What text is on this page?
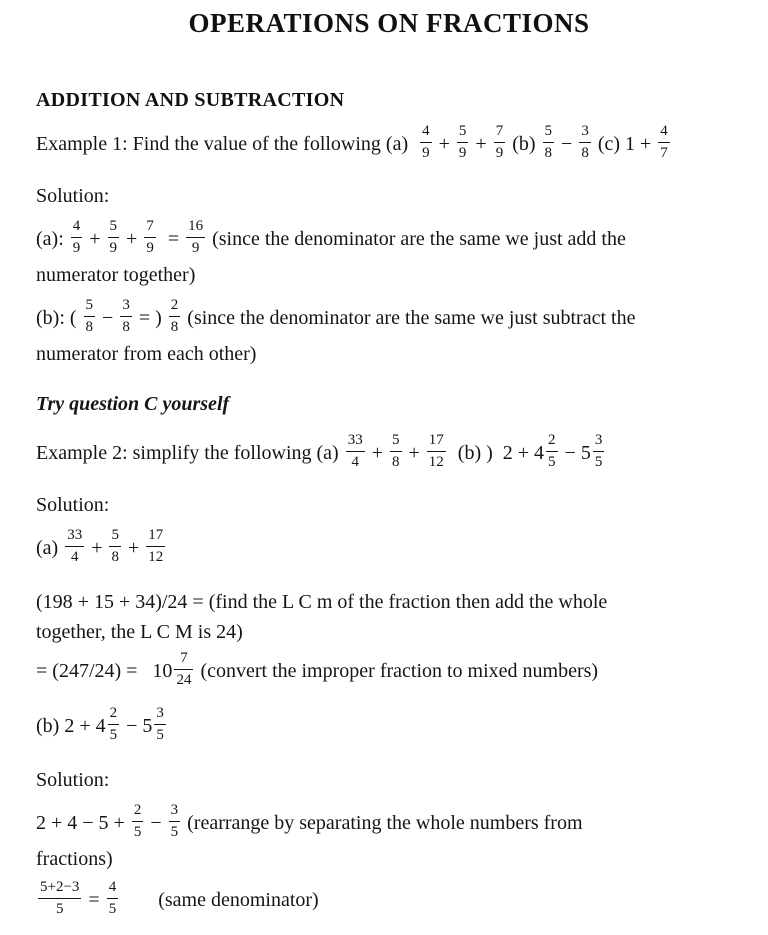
OPERATIONS ON FRACTIONS
ADDITION AND SUBTRACTION

Example 1: Find the value of the following $(a) \frac{4}{9} + \frac{5}{9} + \frac{7}{9} (b) \frac{5}{8} - \frac{3}{8} (c) 1 + \frac{4}{7}$

Solution:

(a): $\frac{4}{9} + \frac{5}{9} + \frac{7}{9} = \frac{16}{9}$ (since the denominator are the same we just add the
numerator together)

(b): ( $\frac{5}{8} - \frac{3}{8}$ = ) $\frac{2}{8}$ (since the denominator are the same we just subtract the
numerator from each other)

Try question C yourself

Example 2: simplify the following $(a) \frac{33}{4} + \frac{5}{8} + \frac{17}{12} (b)$ )  $2 + 4 \frac{2}{5} - 5 \frac{3}{5}$

Solution:

$(a) \frac{33}{4} + \frac{5}{8} + \frac{17}{12}$

(198 + 15 + 34)/24 = (find the L C m of the fraction then add the whole
together, the L C M is 24)

= $(247/24) = 10 \frac{7}{24}$ (convert the improper fraction to mixed numbers)

(b) $2 + 4 \frac{2}{5} - 5 \frac{3}{5}$

Solution:

$2 + 4 - 5 + \frac{2}{5} - \frac{3}{5}$ (rearrange by separating the whole numbers from
fractions)

$\frac{5+2-3}{5} = \frac{4}{5}$ (same denominator)
